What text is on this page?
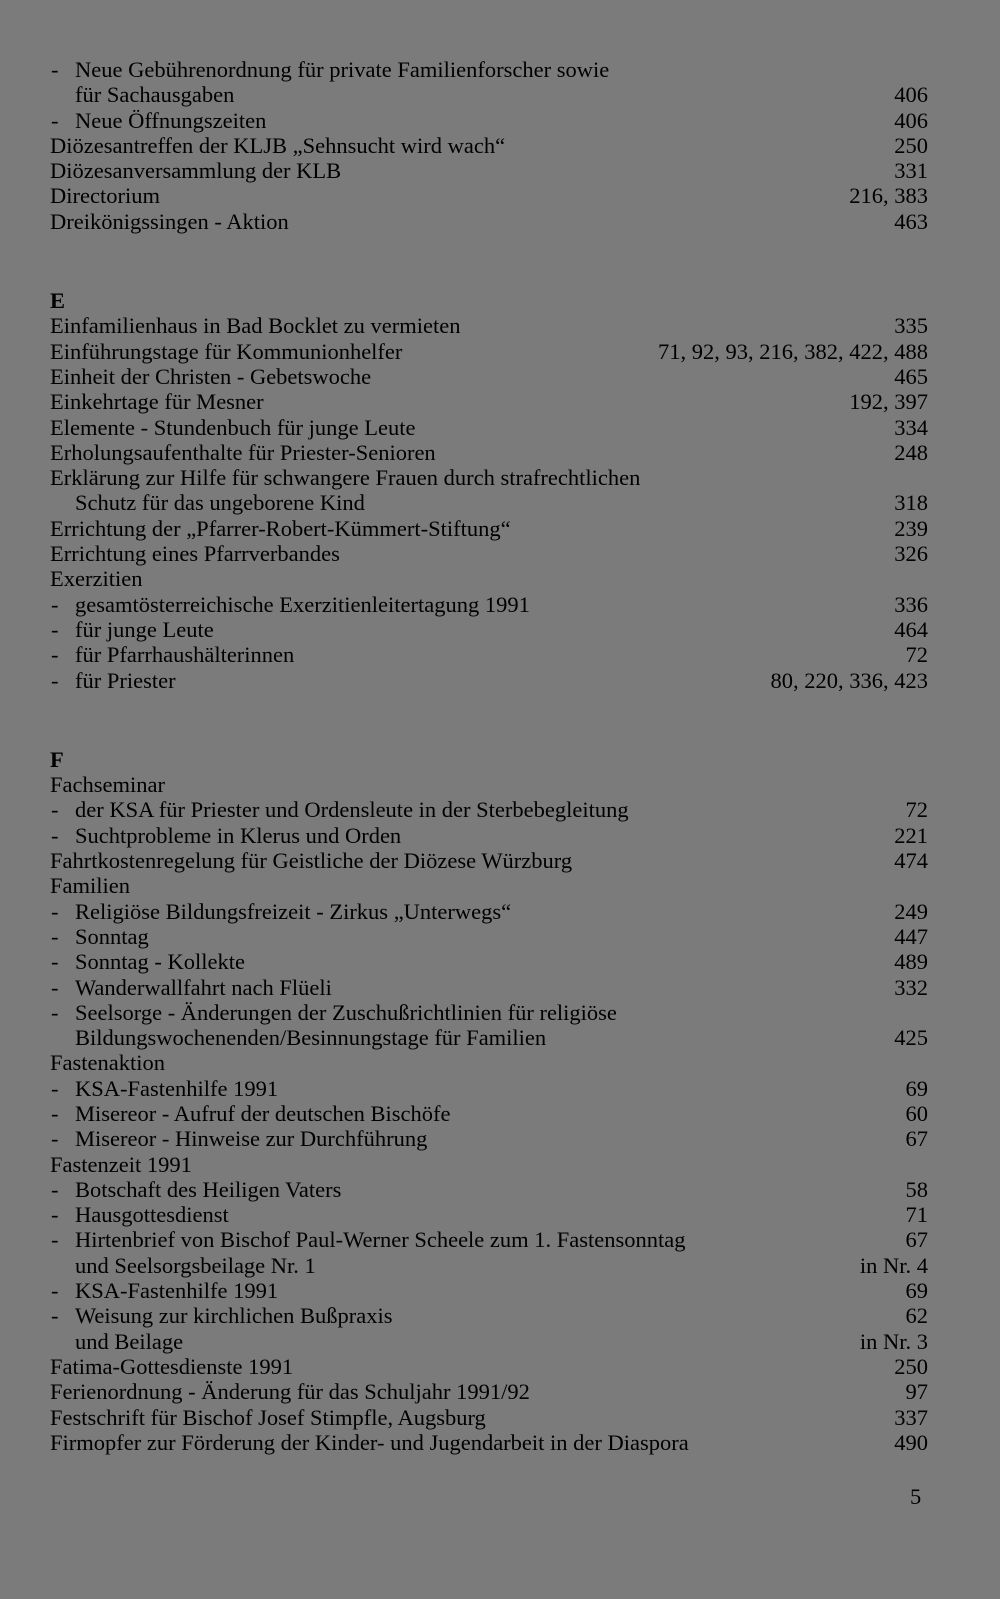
- Neue Gebührenordnung für private Familienforscher sowie
für Sachausgaben	406
- Neue Öffnungszeiten	406
Diözesantreffen der KLJB „Sehnsucht wird wach“	250
Diözesanversammlung der KLB	331
Directorium	216, 383
Dreikönigssingen - Aktion	463
E
Einfamilienhaus in Bad Bocklet zu vermieten	335
Einführungstage für Kommunionhelfer	71, 92, 93, 216, 382, 422, 488
Einheit der Christen - Gebetswoche	465
Einkehrtage für Mesner	192, 397
Elemente - Stundenbuch für junge Leute	334
Erholungsaufenthalte für Priester-Senioren	248
Erklärung zur Hilfe für schwangere Frauen durch strafrechtlichen
Schutz für das ungeborene Kind	318
Errichtung der „Pfarrer-Robert-Kümmert-Stiftung“	239
Errichtung eines Pfarrverbandes	326
Exerzitien
- gesamtösterreichische Exerzitienleitertagung 1991	336
- für junge Leute	464
- für Pfarrhaushälterinnen	72
- für Priester	80, 220, 336, 423
F
Fachseminar
- der KSA für Priester und Ordensleute in der Sterbebegleitung	72
- Suchtprobleme in Klerus und Orden	221
Fahrtkostenregelung für Geistliche der Diözese Würzburg	474
Familien
- Religiöse Bildungsfreizeit - Zirkus „Unterwegs“	249
- Sonntag	447
- Sonntag - Kollekte	489
- Wanderwallfahrt nach Flüeli	332
- Seelsorge - Änderungen der Zuschußrichtlinien für religiöse
Bildungswochenenden/Besinnungstage für Familien	425
Fastenaktion
- KSA-Fastenhilfe 1991	69
- Misereor - Aufruf der deutschen Bischöfe	60
- Misereor - Hinweise zur Durchführung	67
Fastenzeit 1991
- Botschaft des Heiligen Vaters	58
- Hausgottesdienst	71
- Hirtenbrief von Bischof Paul-Werner Scheele zum 1. Fastensonntag	67
und Seelsorgsbeilage Nr. 1	in Nr. 4
- KSA-Fastenhilfe 1991	69
- Weisung zur kirchlichen Bußpraxis	62
und Beilage	in Nr. 3
Fatima-Gottesdienste 1991	250
Ferienordnung - Änderung für das Schuljahr 1991/92	97
Festschrift für Bischof Josef Stimpfle, Augsburg	337
Firmopfer zur Förderung der Kinder- und Jugendarbeit in der Diaspora	490
5
